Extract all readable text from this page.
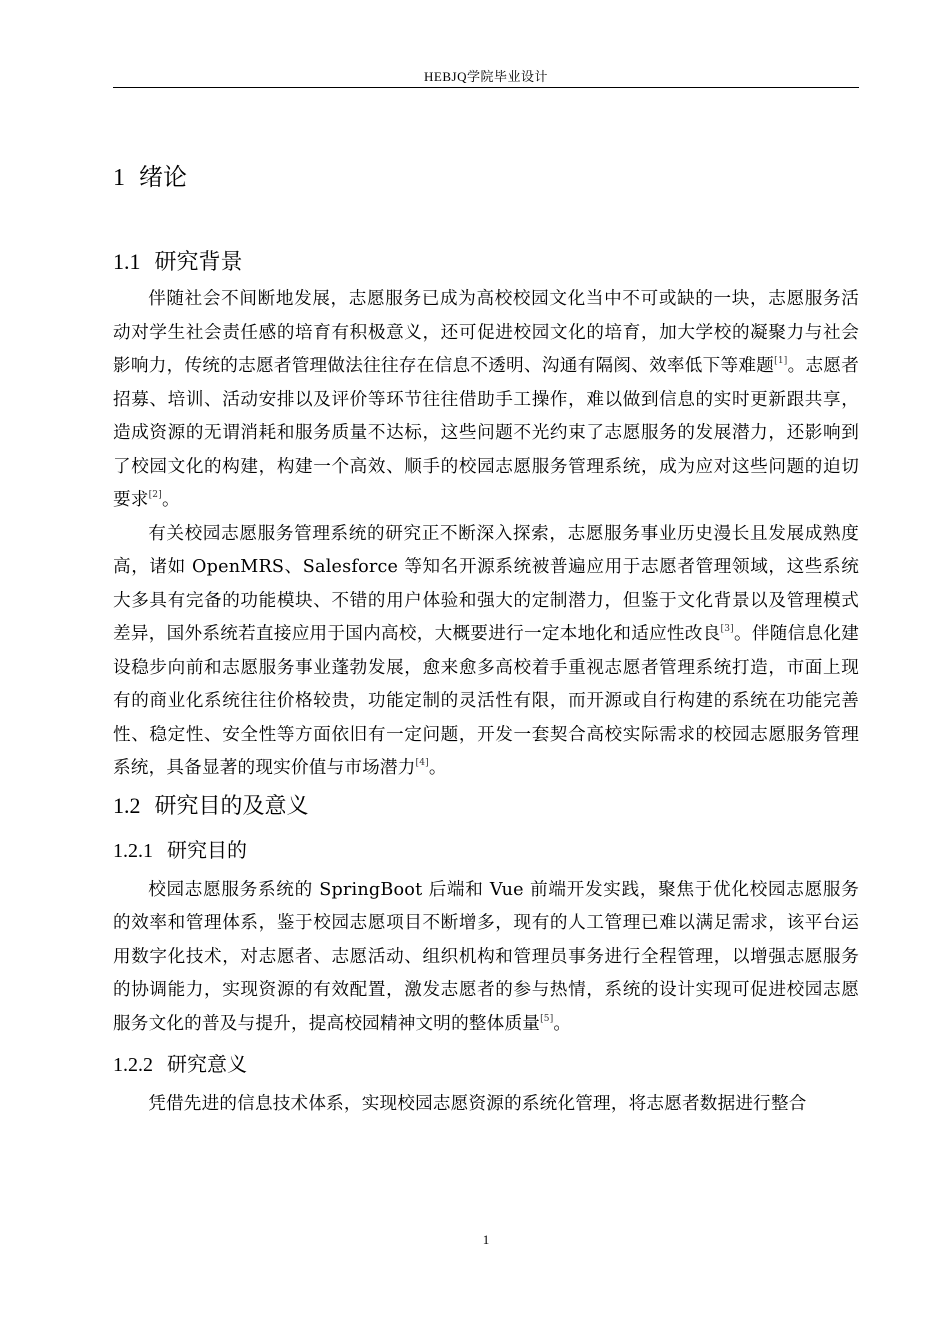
HEBJQ学院毕业设计
1 绪论
1.1 研究背景

伴随社会不间断地发展，志愿服务已成为高校校园文化当中不可或缺的一块，志愿服务活动对学生社会责任感的培育有积极意义，还可促进校园文化的培育，加大学校的凝聚力与社会影响力，传统的志愿者管理做法往往存在信息不透明、沟通有隔阂、效率低下等难题[1]。志愿者招募、培训、活动安排以及评价等环节往往借助手工操作，难以做到信息的实时更新跟共享，造成资源的无谓消耗和服务质量不达标，这些问题不光约束了志愿服务的发展潜力，还影响到了校园文化的构建，构建一个高效、顺手的校园志愿服务管理系统，成为应对这些问题的迫切要求[2]。

有关校园志愿服务管理系统的研究正不断深入探索，志愿服务事业历史漫长且发展成熟度高，诸如 OpenMRS、Salesforce 等知名开源系统被普遍应用于志愿者管理领域，这些系统大多具有完备的功能模块、不错的用户体验和强大的定制潜力，但鉴于文化背景以及管理模式差异，国外系统若直接应用于国内高校，大概要进行一定本地化和适应性改良[3]。伴随信息化建设稳步向前和志愿服务事业蓬勃发展，愈来愈多高校着手重视志愿者管理系统打造，市面上现有的商业化系统往往价格较贵，功能定制的灵活性有限，而开源或自行构建的系统在功能完善性、稳定性、安全性等方面依旧有一定问题，开发一套契合高校实际需求的校园志愿服务管理系统，具备显著的现实价值与市场潜力[4]。

1.2 研究目的及意义
1.2.1 研究目的

校园志愿服务系统的 SpringBoot 后端和 Vue 前端开发实践，聚焦于优化校园志愿服务的效率和管理体系，鉴于校园志愿项目不断增多，现有的人工管理已难以满足需求，该平台运用数字化技术，对志愿者、志愿活动、组织机构和管理员事务进行全程管理，以增强志愿服务的协调能力，实现资源的有效配置，激发志愿者的参与热情，系统的设计实现可促进校园志愿服务文化的普及与提升，提高校园精神文明的整体质量[5]。

1.2.2 研究意义

凭借先进的信息技术体系，实现校园志愿资源的系统化管理，将志愿者数据进行整合

1
